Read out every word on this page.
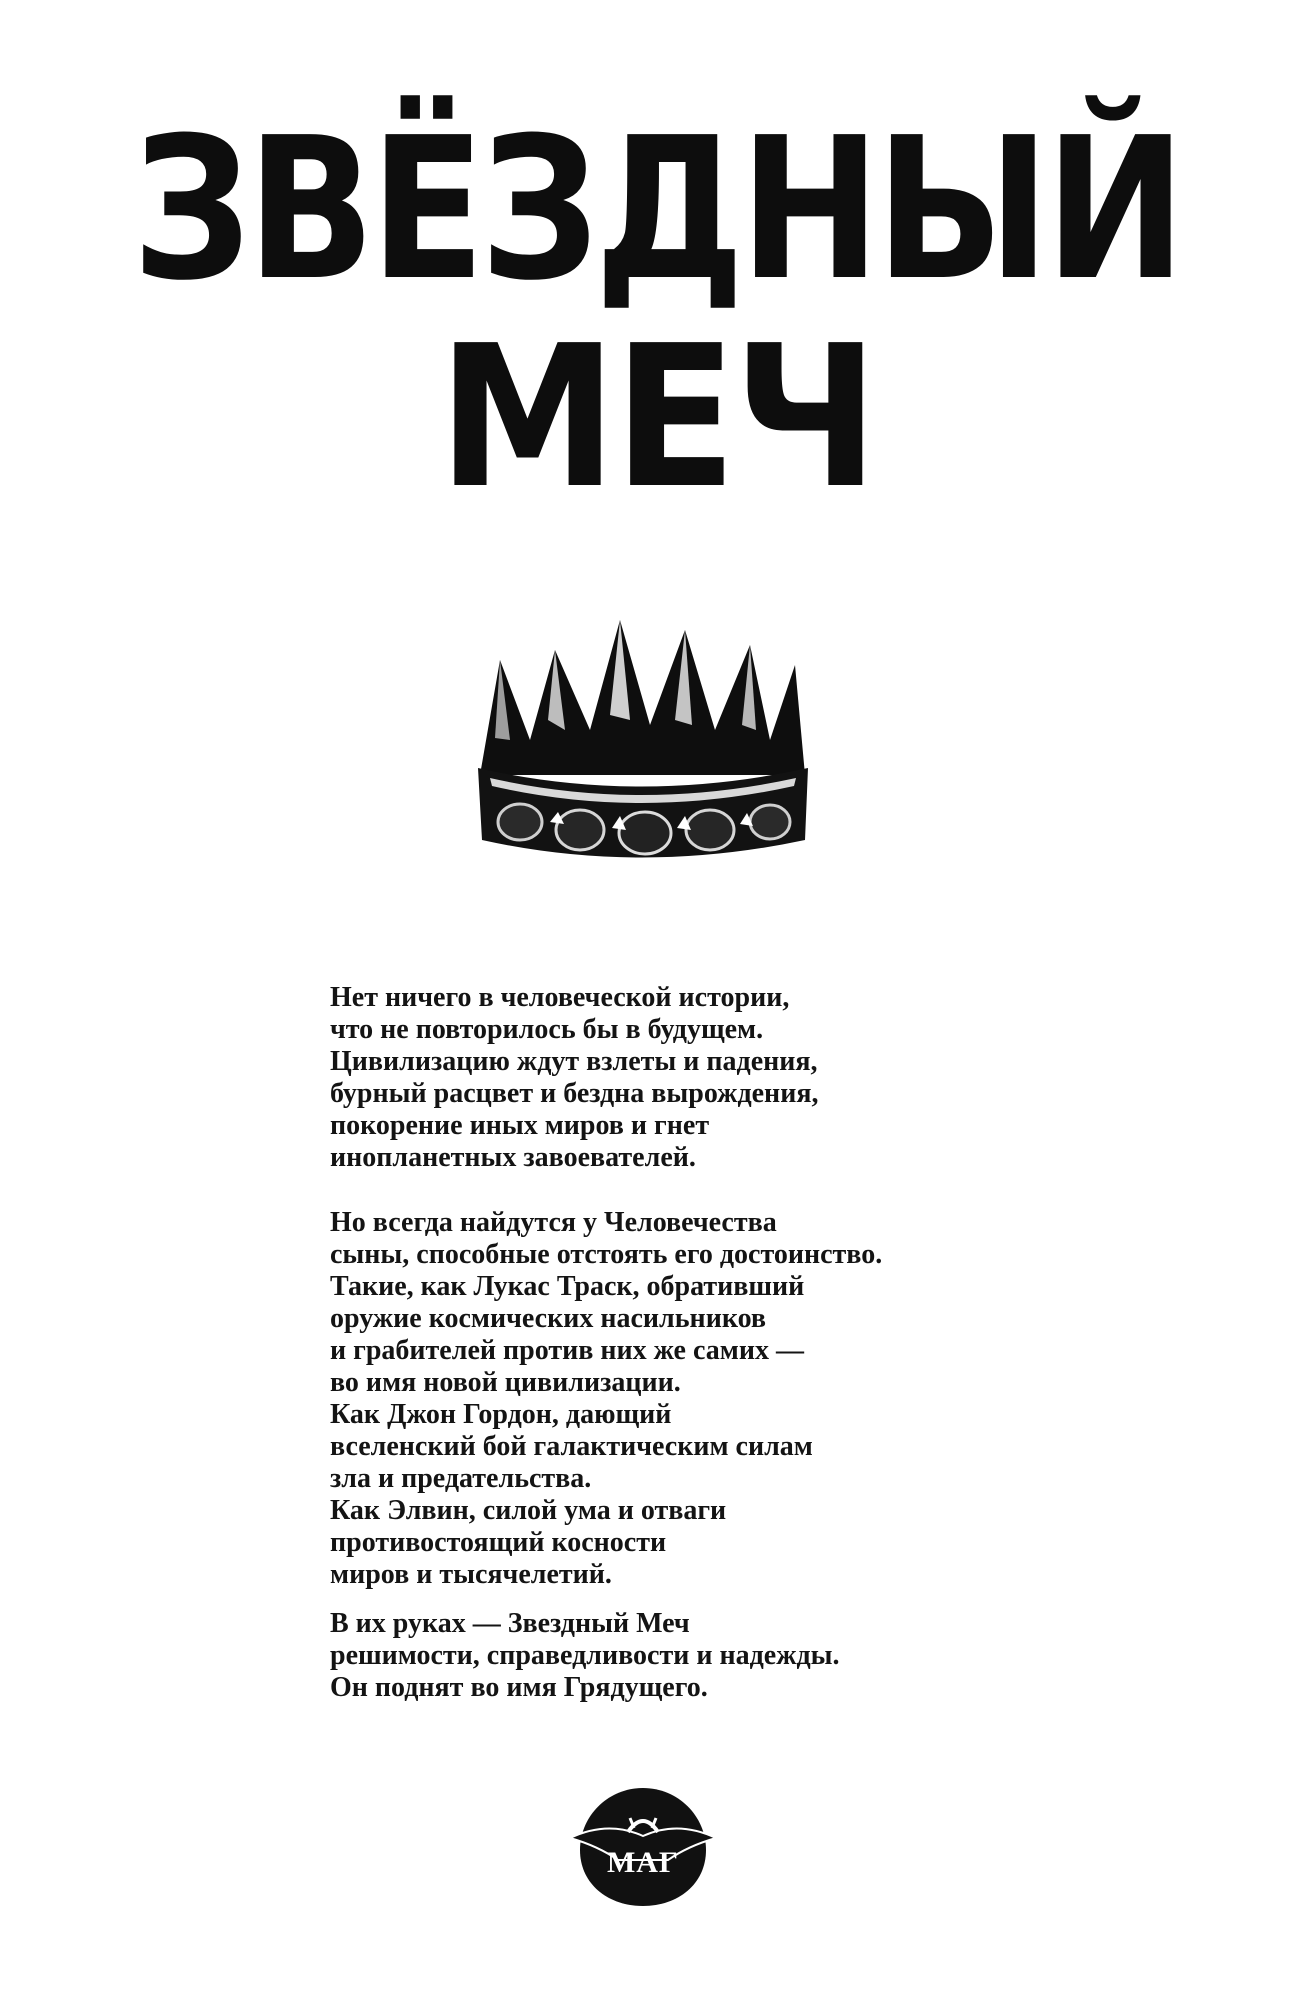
ЗВЁЗДНЫЙ
МЕЧ
Нет ничего в человеческой истории,
что не повторилось бы в будущем.
Цивилизацию ждут взлеты и падения,
бурный расцвет и бездна вырождения,
покорение иных миров и гнет
инопланетных завоевателей.
Но всегда найдутся у Человечества
сыны, способные отстоять его достоинство.
Такие, как Лукас Траск, обративший
оружие космических насильников
и грабителей против них же самих —
во имя новой цивилизации.
Как Джон Гордон, дающий
вселенский бой галактическим силам
зла и предательства.
Как Элвин, силой ума и отваги
противостоящий косности
миров и тысячелетий.
В их руках — Звездный Меч
решимости, справедливости и надежды.
Он поднят во имя Грядущего.
МАГ
